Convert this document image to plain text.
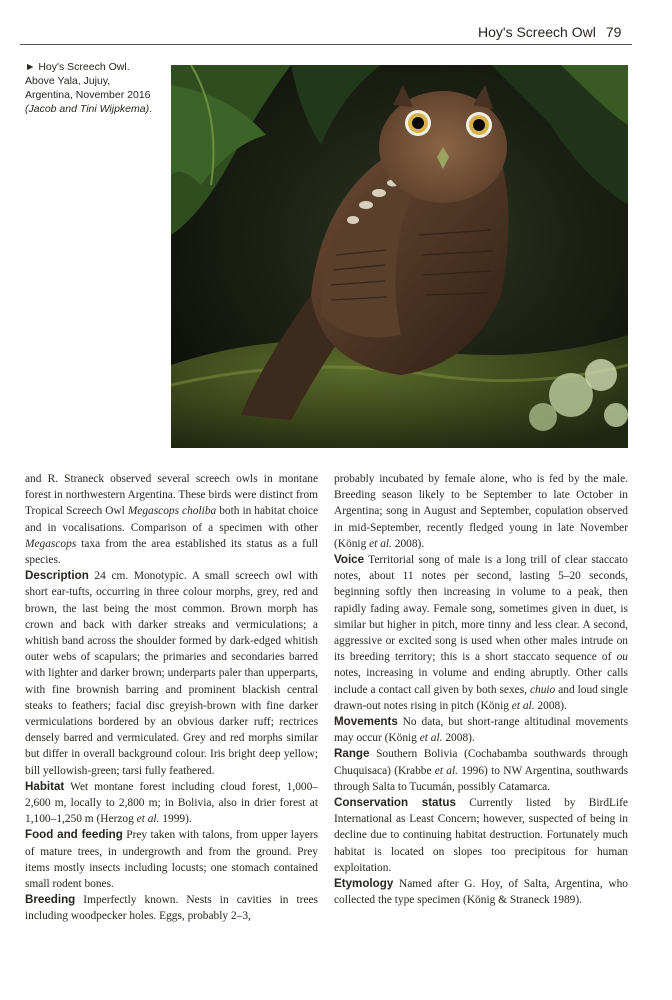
Hoy's Screech Owl 79
► Hoy's Screech Owl.
Above Yala, Jujuy,
Argentina, November 2016
(Jacob and Tini Wijpkema).

and R. Straneck observed several screech owls in montane forest in northwestern Argentina. These birds were distinct from Tropical Screech Owl Megascops choliba both in habitat choice and in vocalisations. Comparison of a specimen with other Megascops taxa from the area established its status as a full species.

Description 24 cm. Monotypic. A small screech owl with short ear-tufts, occurring in three colour morphs, grey, red and brown, the last being the most common. Brown morph has crown and back with darker streaks and vermiculations; a whitish band across the shoulder formed by dark-edged whitish outer webs of scapulars; the primaries and secondaries barred with lighter and darker brown; underparts paler than upperparts, with fine brownish barring and prominent blackish central steaks to feathers; facial disc greyish-brown with fine darker vermiculations bordered by an obvious darker ruff; rectrices densely barred and vermiculated. Grey and red morphs similar but differ in overall background colour. Iris bright deep yellow; bill yellowish-green; tarsi fully feathered.

Habitat Wet montane forest including cloud forest, 1,000–2,600 m, locally to 2,800 m; in Bolivia, also in drier forest at 1,100–1,250 m (Herzog et al. 1999).

Food and feeding Prey taken with talons, from upper layers of mature trees, in undergrowth and from the ground. Prey items mostly insects including locusts; one stomach contained small rodent bones.

Breeding Imperfectly known. Nests in cavities in trees including woodpecker holes. Eggs, probably 2–3,

probably incubated by female alone, who is fed by the male. Breeding season likely to be September to late October in Argentina; song in August and September, copulation observed in mid-September, recently fledged young in late November (König et al. 2008).

Voice Territorial song of male is a long trill of clear staccato notes, about 11 notes per second, lasting 5–20 seconds, beginning softly then increasing in volume to a peak, then rapidly fading away. Female song, sometimes given in duet, is similar but higher in pitch, more tinny and less clear. A second, aggressive or excited song is used when other males intrude on its breeding territory; this is a short staccato sequence of ou notes, increasing in volume and ending abruptly. Other calls include a contact call given by both sexes, chuio and loud single drawn-out notes rising in pitch (König et al. 2008).

Movements No data, but short-range altitudinal movements may occur (König et al. 2008).

Range Southern Bolivia (Cochabamba southwards through Chuquisaca) (Krabbe et al. 1996) to NW Argentina, southwards through Salta to Tucumán, possibly Catamarca.

Conservation status Currently listed by BirdLife International as Least Concern; however, suspected of being in decline due to continuing habitat destruction. Fortunately much habitat is located on slopes too precipitous for human exploitation.

Etymology Named after G. Hoy, of Salta, Argentina, who collected the type specimen (König & Straneck 1989).
